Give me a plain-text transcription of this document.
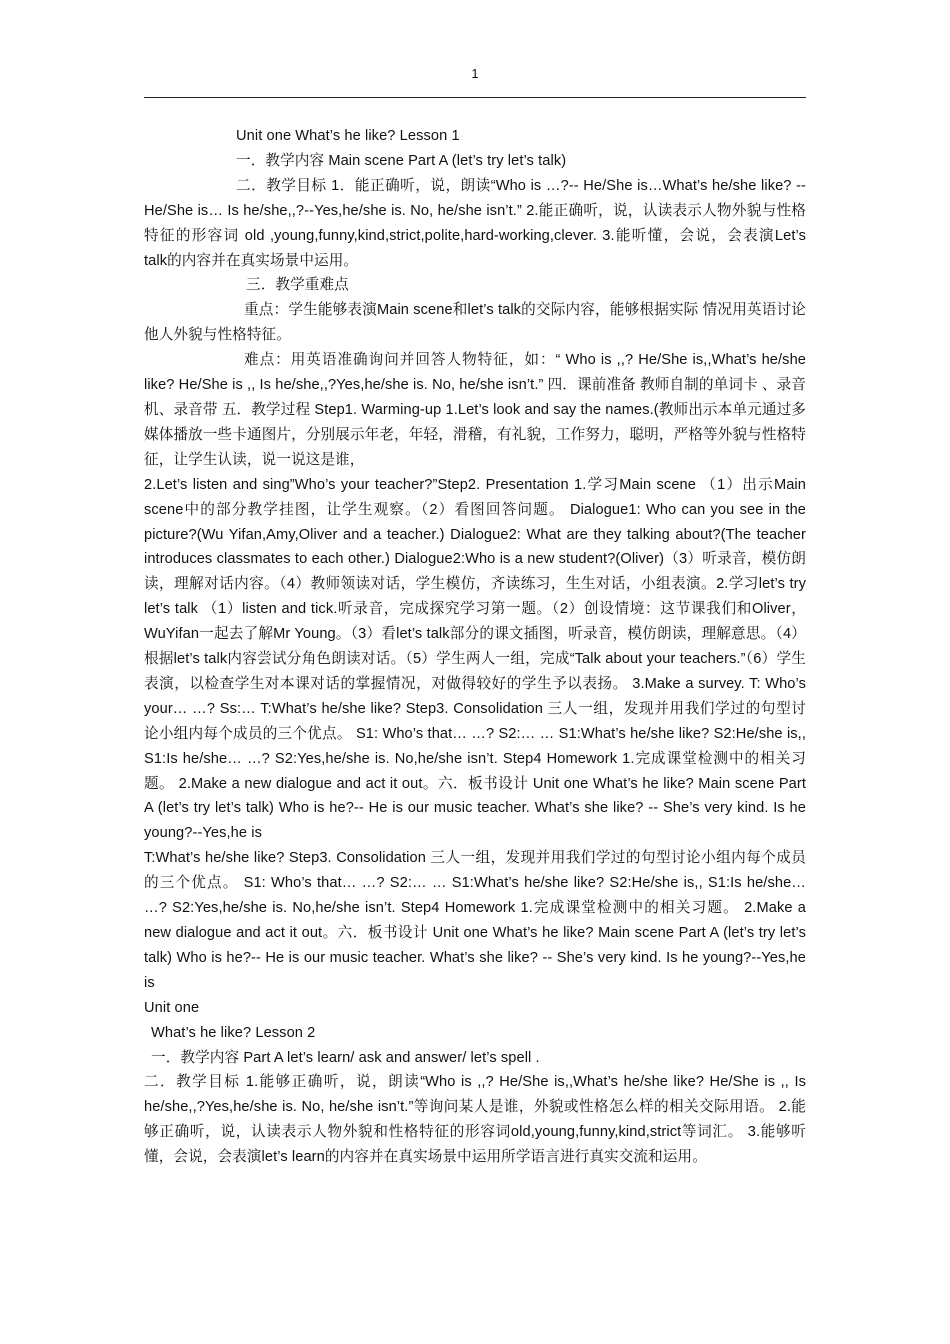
1

Unit one What’s he like? Lesson 1

一．教学内容 Main scene Part A (let’s try let’s talk)

二．教学目标 1．能正确听，说，朗读“Who is …?-- He/She is…What’s he/she like? -- He/She is… Is he/she,,?--Yes,he/she is. No, he/she isn’t.” 2.能正确听，说，认读表示人物外貌与性格特征的形容词 old ,young,funny,kind,strict,polite,hard-working,clever. 3.能听懂，会说，会表演Let’s talk的内容并在真实场景中运用。

三．教学重难点

重点：学生能够表演Main scene和let’s talk的交际内容，能够根据实际 情况用英语讨论他人外貌与性格特征。

难点：用英语准确询问并回答人物特征，如：“ Who is ,,? He/She is,,What’s he/she like? He/She is ,, Is he/she,,?Yes,he/she is. No, he/she isn’t.” 四．课前准备 教师自制的单词卡 、录音机、录音带 五．教学过程 Step1. Warming-up 1.Let’s look and say the names.(教师出示本单元通过多媒体播放一些卡通图片，分别展示年老，年轻，滑稽，有礼貌，工作努力，聪明，严格等外貌与性格特征，让学生认读，说一说这是谁，

2.Let’s listen and sing”Who’s your teacher?”Step2. Presentation 1.学习Main scene （1）出示Main scene中的部分教学挂图，让学生观察。（2）看图回答问题。 Dialogue1: Who can you see in the picture?(Wu Yifan,Amy,Oliver and a teacher.) Dialogue2: What are they talking about?(The teacher introduces classmates to each other.) Dialogue2:Who is a new student?(Oliver)（3）听录音，模仿朗读，理解对话内容。（4）教师领读对话，学生模仿，齐读练习，生生对话，小组表演。2.学习let’s try let’s talk （1）listen and tick.听录音，完成探究学习第一题。（2）创设情境：这节课我们和Oliver，WuYifan一起去了解Mr Young。（3）看let’s talk部分的课文插图，听录音，模仿朗读，理解意思。（4）根据let’s talk内容尝试分角色朗读对话。（5）学生两人一组，完成“Talk about your teachers.”（6）学生表演，以检查学生对本课对话的掌握情况，对做得较好的学生予以表扬。 3.Make a survey. T: Who’s your… …? Ss:… T:What’s he/she like? Step3. Consolidation 三人一组，发现并用我们学过的句型讨论小组内每个成员的三个优点。 S1: Who’s that… …? S2:… … S1:What’s he/she like? S2:He/she is,, S1:Is he/she… …? S2:Yes,he/she is. No,he/she isn’t. Step4 Homework 1.完成课堂检测中的相关习题。 2.Make a new dialogue and act it out。六．板书设计 Unit one What’s he like? Main scene Part A (let’s try let’s talk) Who is he?-- He is our music teacher. What’s she like? -- She’s very kind. Is he young?--Yes,he is

T:What’s he/she like? Step3. Consolidation 三人一组，发现并用我们学过的句型讨论小组内每个成员的三个优点。 S1: Who’s that… …? S2:… … S1:What’s he/she like? S2:He/she is,, S1:Is he/she… …? S2:Yes,he/she is. No,he/she isn’t. Step4 Homework 1.完成课堂检测中的相关习题。 2.Make a new dialogue and act it out。六．板书设计 Unit one What’s he like? Main scene Part A (let’s try let’s talk) Who is he?-- He is our music teacher. What’s she like? -- She’s very kind. Is he young?--Yes,he is

Unit one

What’s he like? Lesson 2

一．教学内容 Part A let’s learn/ ask and answer/ let’s spell .

二．教学目标 1.能够正确听，说，朗读“Who is ,,? He/She is,,What’s he/she like? He/She is ,, Is he/she,,?Yes,he/she is. No, he/she isn’t.”等询问某人是谁，外貌或性格怎么样的相关交际用语。 2.能够正确听，说，认读表示人物外貌和性格特征的形容词old,young,funny,kind,strict等词汇。 3.能够听懂，会说，会表演let’s learn的内容并在真实场景中运用所学语言进行真实交流和运用。
